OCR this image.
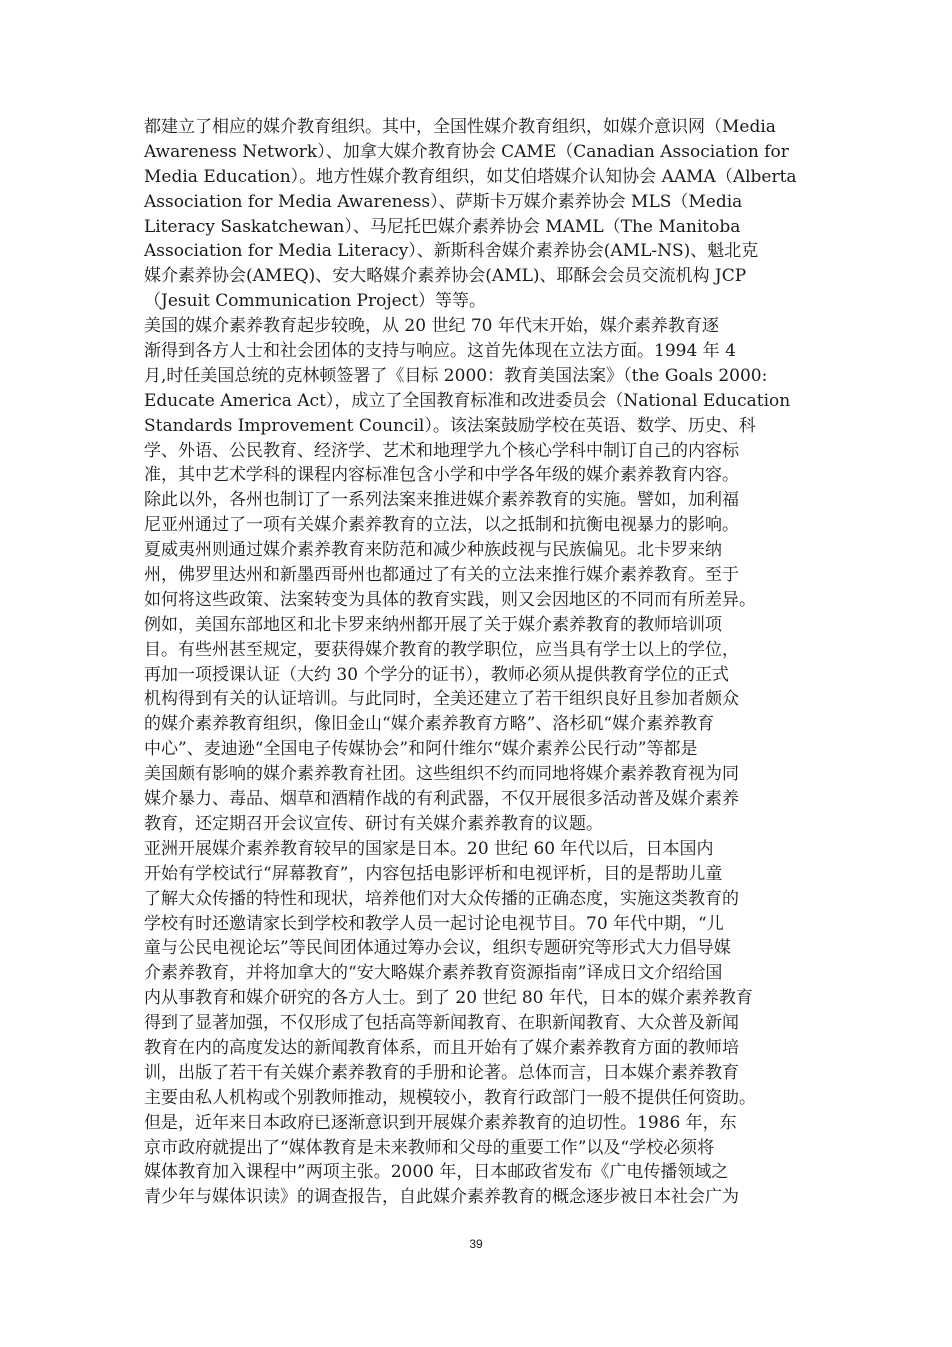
都建立了相应的媒介教育组织。其中，全国性媒介教育组织，如媒介意识网（Media
Awareness Network）、加拿大媒介教育协会 CAME（Canadian Association for
Media Education）。地方性媒介教育组织，如艾伯塔媒介认知协会 AAMA（Alberta
Association for Media Awareness）、萨斯卡万媒介素养协会 MLS（Media
Literacy Saskatchewan）、马尼托巴媒介素养协会 MAML（The Manitoba
Association for Media Literacy）、新斯科舍媒介素养协会(AML-NS)、魁北克
媒介素养协会(AMEQ)、安大略媒介素养协会(AML)、耶酥会会员交流机构 JCP
（Jesuit Communication Project）等等。
美国的媒介素养教育起步较晚，从 20 世纪 70 年代末开始，媒介素养教育逐
渐得到各方人士和社会团体的支持与响应。这首先体现在立法方面。1994 年 4
月,时任美国总统的克林顿签署了《目标 2000：教育美国法案》（the Goals 2000:
Educate America Act），成立了全国教育标准和改进委员会（National Education
Standards Improvement Council）。该法案鼓励学校在英语、数学、历史、科
学、外语、公民教育、经济学、艺术和地理学九个核心学科中制订自己的内容标
准，其中艺术学科的课程内容标准包含小学和中学各年级的媒介素养教育内容。
除此以外，各州也制订了一系列法案来推进媒介素养教育的实施。譬如，加利福
尼亚州通过了一项有关媒介素养教育的立法，以之抵制和抗衡电视暴力的影响。
夏威夷州则通过媒介素养教育来防范和减少种族歧视与民族偏见。北卡罗来纳
州，佛罗里达州和新墨西哥州也都通过了有关的立法来推行媒介素养教育。至于
如何将这些政策、法案转变为具体的教育实践，则又会因地区的不同而有所差异。
例如，美国东部地区和北卡罗来纳州都开展了关于媒介素养教育的教师培训项
目。有些州甚至规定，要获得媒介教育的教学职位，应当具有学士以上的学位，
再加一项授课认证（大约 30 个学分的证书），教师必须从提供教育学位的正式
机构得到有关的认证培训。与此同时，全美还建立了若干组织良好且参加者颇众
的媒介素养教育组织，像旧金山“媒介素养教育方略”、洛杉矶“媒介素养教育
中心”、麦迪逊“全国电子传媒协会”和阿什维尔“媒介素养公民行动”等都是
美国颇有影响的媒介素养教育社团。这些组织不约而同地将媒介素养教育视为同
媒介暴力、毒品、烟草和酒精作战的有利武器，不仅开展很多活动普及媒介素养
教育，还定期召开会议宣传、研讨有关媒介素养教育的议题。
亚洲开展媒介素养教育较早的国家是日本。20 世纪 60 年代以后，日本国内
开始有学校试行“屏幕教育”，内容包括电影评析和电视评析，目的是帮助儿童
了解大众传播的特性和现状，培养他们对大众传播的正确态度，实施这类教育的
学校有时还邀请家长到学校和教学人员一起讨论电视节目。70 年代中期，“儿
童与公民电视论坛”等民间团体通过筹办会议，组织专题研究等形式大力倡导媒
介素养教育，并将加拿大的“安大略媒介素养教育资源指南”译成日文介绍给国
内从事教育和媒介研究的各方人士。到了 20 世纪 80 年代，日本的媒介素养教育
得到了显著加强，不仅形成了包括高等新闻教育、在职新闻教育、大众普及新闻
教育在内的高度发达的新闻教育体系，而且开始有了媒介素养教育方面的教师培
训，出版了若干有关媒介素养教育的手册和论著。总体而言，日本媒介素养教育
主要由私人机构或个别教师推动，规模较小，教育行政部门一般不提供任何资助。
但是，近年来日本政府已逐渐意识到开展媒介素养教育的迫切性。1986 年，东
京市政府就提出了“媒体教育是未来教师和父母的重要工作”以及“学校必须将
媒体教育加入课程中”两项主张。2000 年，日本邮政省发布《广电传播领域之
青少年与媒体识读》的调查报告，自此媒介素养教育的概念逐步被日本社会广为
39
